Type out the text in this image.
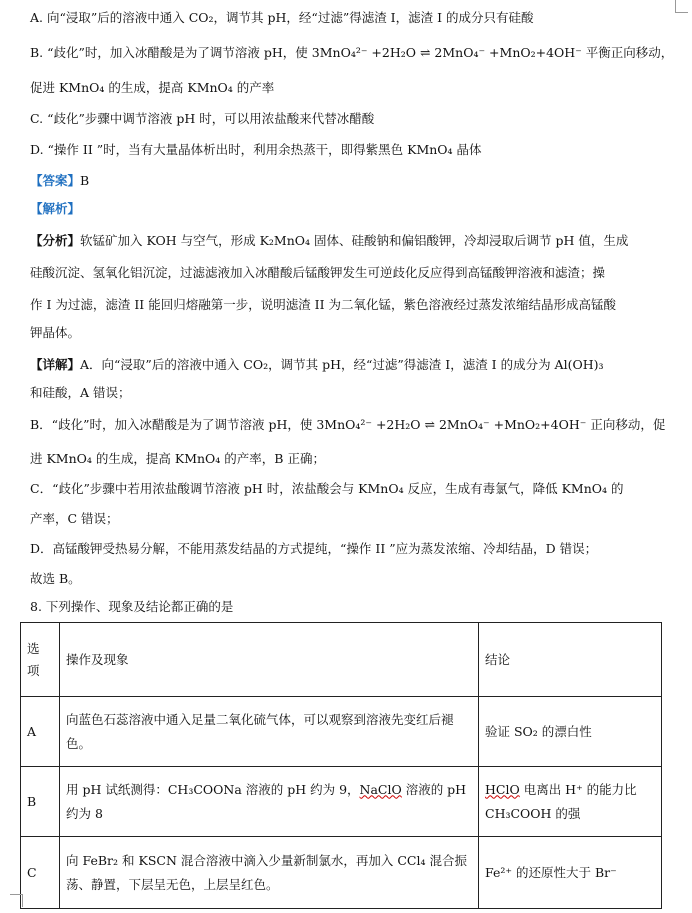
A. 向“浸取”后的溶液中通入 CO₂，调节其 pH，经“过滤”得滤渣 I，滤渣 I 的成分只有硅酸
B. “歧化”时，加入冰醋酸是为了调节溶液 pH，使 3MnO₄²⁻ +2H₂O ⇌ 2MnO₄⁻ +MnO₂+4OH⁻ 平衡正向移动，
促进 KMnO₄ 的生成，提高 KMnO₄ 的产率
C. “歧化”步骤中调节溶液 pH 时，可以用浓盐酸来代替冰醋酸
D. “操作 II ”时，当有大量晶体析出时，利用余热蒸干，即得紫黑色 KMnO₄ 晶体
【答案】B
【解析】
【分析】软锰矿加入 KOH 与空气，形成 K₂MnO₄ 固体、硅酸钠和偏铝酸钾，冷却浸取后调节 pH 值，生成
硅酸沉淀、氢氧化铝沉淀，过滤滤液加入冰醋酸后锰酸钾发生可逆歧化反应得到高锰酸钾溶液和滤渣；操
作 I 为过滤，滤渣 II 能回归熔融第一步，说明滤渣 II 为二氧化锰，紫色溶液经过蒸发浓缩结晶形成高锰酸
钾晶体。
【详解】A．向“浸取”后的溶液中通入 CO₂，调节其 pH，经“过滤”得滤渣 I，滤渣 I 的成分为 Al(OH)₃
和硅酸，A 错误；
B．“歧化”时，加入冰醋酸是为了调节溶液 pH，使 3MnO₄²⁻ +2H₂O ⇌ 2MnO₄⁻ +MnO₂+4OH⁻ 正向移动，促
进 KMnO₄ 的生成，提高 KMnO₄ 的产率，B 正确；
C．“歧化”步骤中若用浓盐酸调节溶液 pH 时，浓盐酸会与 KMnO₄ 反应，生成有毒氯气，降低 KMnO₄ 的
产率，C 错误；
D．高锰酸钾受热易分解，不能用蒸发结晶的方式提纯，“操作 II ”应为蒸发浓缩、冷却结晶，D 错误；
故选 B。
8. 下列操作、现象及结论都正确的是
选
项	操作及现象	结论
A	向蓝色石蕊溶液中通入足量二氧化硫气体，可以观察到溶液先变红后褪色。	验证 SO₂ 的漂白性
B	用 pH 试纸测得：CH₃COONa 溶液的 pH 约为 9，NaClO 溶液的 pH 约为 8	HClO 电离出 H⁺ 的能力比 CH₃COOH 的强
C	向 FeBr₂ 和 KSCN 混合溶液中滴入少量新制氯水，再加入 CCl₄ 混合振荡、静置，下层呈无色，上层呈红色。	Fe²⁺ 的还原性大于 Br⁻
